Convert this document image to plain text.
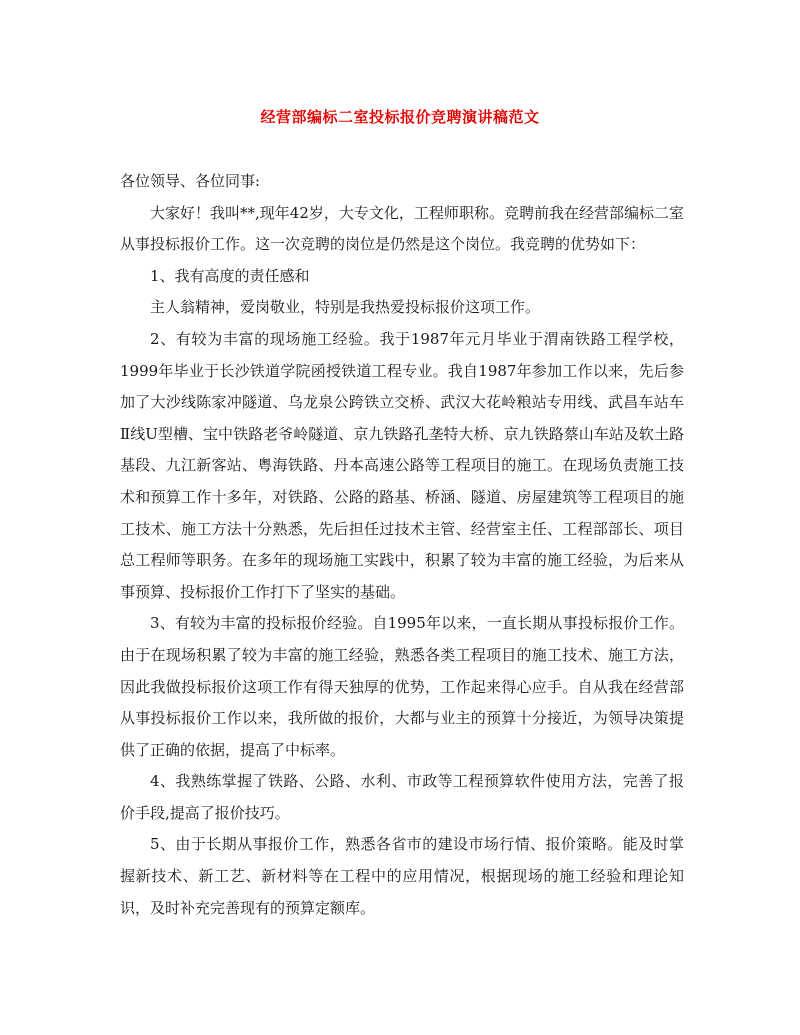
经营部编标二室投标报价竞聘演讲稿范文

各位领导、各位同事:

大家好！我叫**,现年42岁，大专文化，工程师职称。竞聘前我在经营部编标二室从事投标报价工作。这一次竞聘的岗位是仍然是这个岗位。我竞聘的优势如下：

1、我有高度的责任感和

主人翁精神，爱岗敬业，特别是我热爱投标报价这项工作。

2、有较为丰富的现场施工经验。我于1987年元月毕业于渭南铁路工程学校，1999年毕业于长沙铁道学院函授铁道工程专业。我自1987年参加工作以来，先后参加了大沙线陈家冲隧道、乌龙泉公跨铁立交桥、武汉大花岭粮站专用线、武昌车站车Ⅱ线U型槽、宝中铁路老爷岭隧道、京九铁路孔垄特大桥、京九铁路蔡山车站及软土路基段、九江新客站、粤海铁路、丹本高速公路等工程项目的施工。在现场负责施工技术和预算工作十多年，对铁路、公路的路基、桥涵、隧道、房屋建筑等工程项目的施工技术、施工方法十分熟悉，先后担任过技术主管、经营室主任、工程部部长、项目总工程师等职务。在多年的现场施工实践中，积累了较为丰富的施工经验，为后来从事预算、投标报价工作打下了坚实的基础。

3、有较为丰富的投标报价经验。自1995年以来，一直长期从事投标报价工作。由于在现场积累了较为丰富的施工经验，熟悉各类工程项目的施工技术、施工方法，因此我做投标报价这项工作有得天独厚的优势，工作起来得心应手。自从我在经营部从事投标报价工作以来，我所做的报价，大都与业主的预算十分接近，为领导决策提供了正确的依据，提高了中标率。

4、我熟练掌握了铁路、公路、水利、市政等工程预算软件使用方法，完善了报价手段,提高了报价技巧。

5、由于长期从事报价工作，熟悉各省市的建设市场行情、报价策略。能及时掌握新技术、新工艺、新材料等在工程中的应用情况，根据现场的施工经验和理论知识，及时补充完善现有的预算定额库。
